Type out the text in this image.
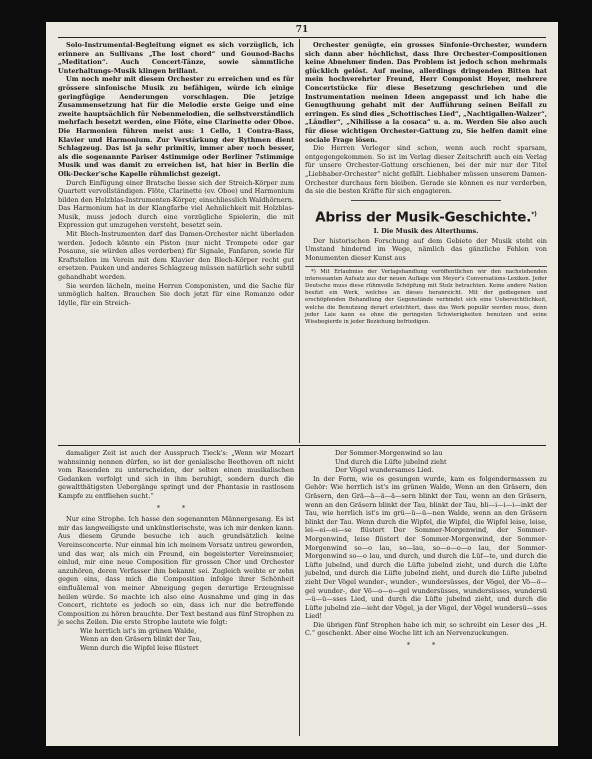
71

Solo-Instrumental-Begleitung eignet es sich vorzüglich, ich erinnere an Sullivans „The lost chord“ und Gounod-Bachs „Meditation“. Auch Concert-Tänze, sowie sämmtliche Unterhaltungs-Musik klingen brillant.

Um noch mehr mit diesem Orchester zu erreichen und es für grössere sinfonische Musik zu befähigen, würde ich einige geringfügige Aenderungen vorschlagen. Die jetzige Zusammensetzung hat für die Melodie erste Geige und eine zweite hauptsächlich für Nebenmelodien, die selbstverständlich mehrfach besetzt werden, eine Flöte, eine Clarinette oder Oboe. Die Harmonien führen meist aus: 1 Cello, 1 Contra-Bass, Klavier und Harmonium. Zur Verstärkung der Rythmen dient Schlagzeug. Das ist ja sehr primitiv, immer aber noch besser, als die sogenannte Pariser 4stimmige oder Berliner 7stimmige Musik und was damit zu erreichen ist, hat hier in Berlin die Olk-Decker'sche Kapelle rühmlichst gezeigt.

Durch Einfügung einer Bratsche liesse sich der Streich-Körper zum Quartett vervollständigen. Flöte, Clarinette (ev. Oboe) und Harmonium bilden den Holzblas-Instrumenten-Körper, einschliesslich Waldhörnern. Das Harmonium hat in der Klangfarbe viel Aehnlichkeit mit Holzblas-Musik, muss jedoch durch eine vorzügliche Spielerin, die mit Expression gut umzugehen versteht, besetzt sein.

Mit Blech-Instrumenten darf das Damen-Orchester nicht überladen werden. Jedoch könnte ein Piston (nur nicht Trompete oder gar Posaune, sie würden alles verderben) für Signale, Fanfaren, sowie für Kraftstellen im Verein mit dem Klavier den Blech-Körper recht gut ersetzen. Pauken und anderes Schlagzeug müssen natürlich sehr subtil gehandhabt werden.

Sie werden lächeln, meine Herren Componisten, und die Sache für unmöglich halten. Brauchen Sie doch jetzt für eine Romanze oder Idylle, für ein Streich-

Orchester genügte, ein grosses Sinfonie-Orchester, wundern sich dann aber höchlichst, dass Ihre Orchester-Compositionen keine Abnehmer finden. Das Problem ist jedoch schon mehrmals glücklich gelöst. Auf meine, allerdings dringenden Bitten hat mein hochverehrter Freund, Herr Componist Hoyer, mehrere Concertstücke für diese Besetzung geschrieben und die Instrumentation meinen Ideen angepasst und ich habe die Genugthuung gehabt mit der Aufführung seinen Beifall zu erringen. Es sind dies „Schottisches Lied“, „Nachtigallen-Walzer“, „Ländler“, „Nihilisse a la cosaca“ u. a. m. Werden Sie also auch für diese wichtigen Orchester-Gattung zu, Sie helfen damit eine sociale Frage lösen.

Die Herren Verleger sind schon, wenn auch recht sparsam, entgegengekommen. So ist im Verlag dieser Zeitschrift auch ein Verlag für unsere Orchester-Gattung erschienen, bei der mir nur der Titel „Liebhaber-Orchester“ nicht gefällt. Liebhaber müssen unserem Damen-Orchester durchaus fern bleiben. Gerade sie können es nur verderben, da sie die besten Kräfte für sich engagieren.

Abriss der Musik-Geschichte.*)
I. Die Musik des Alterthums.

Der historischen Forschung auf dem Gebiete der Musik steht ein Umstand hindernd im Wege, nämlich das gänzliche Fehlen von Monumenten dieser Kunst aus

*) Mit Erlaubniss der Verlagshandlung veröffentlichen wir den nachstehenden interessanten Aufsatz aus der neuen Auflage von Meyer's Conversations-Lexikon. Jeder Deutsche muss diese rühmvolle Schöpfung mit Stolz betrachten. Keine andere Nation besitzt ein Werk, welches an dieses heranreicht. Mit der gediegenen und erschöpfenden Behandlung der Gegenstände verbindet sich eine Uebersichtlichkeit, welche die Benutzung derart erleichtert, dass das Werk populär werden muss, denn jeder Laie kann es ohne die geringsten Schwierigkeiten benutzen und seine Wissbegierde in jeder Beziehung befriedigen.

damaliger Zeit ist auch der Ausspruch Tieck's: „Wenn wir Mozart wahnsinnig nennen dürfen, so ist der genialische Beethoven oft nicht vom Rasenden zu unterscheiden, der selten einen musikalischen Gedanken verfolgt und sich in ihm beruhigt, sondern durch die gewaltthätigsten Uebergänge springt und der Phantasie in rastlosem Kampfe zu entfliehen sucht.“

* *

Nur eine Strophe. Ich hasse den sogenannten Männergesang. Es ist mir das langweiligste und unkünstlerischste, was ich mir denken kann. Aus diesem Grunde besuche ich auch grundsätzlich keine Vereinsconcerte. Nur einmal bin ich meinem Vorsatz untreu geworden, und das war, als mich ein Freund, ein begeisterter Vereinsmeier, einlud, mir eine neue Composition für grossen Chor und Orchester anzuhören, deren Verfasser ihm bekannt sei. Zugleich weihte er zehn gegen eins, dass mich die Composition infolge ihrer Schönheit einfluãlemal von meiner Abneigung gegen derartige Erzeugnisse heilen würde. So machte ich also eine Ausnahme und ging in das Concert, richtete es jedoch so ein, dass ich nur die betreffende Composition zu hören brauchte. Der Text bestand aus fünf Strophen zu je sechs Zeilen. Die erste Strophe lautete wie folgt:

Wie herrlich ist's im grünen Walde,

Wenn an den Gräsern blinkt der Tau,

Wenn durch die Wipfel leise flüstert

Der Sommer-Morgenwind so lau

Und durch die Lüfte jubelnd zieht

Der Vögel wundersames Lied.

In der Form, wie es gesungen wurde, kam es folgendermassen zu Gehör: Wie herrlich ist's im grünen Walde, Wenn an den Gräsern, den Gräsern, den Grä—ä—ä—ä—sern blinkt der Tau, wenn an den Gräsern, wenn an den Gräsern blinkt der Tau, blinkt der Tau, bli—i—i—i—inkt der Tau, wie herrlich ist's im grü—ü—ü—nen Walde, wenn an den Gräsern blinkt der Tau. Wenn durch die Wipfel, die Wipfel, die Wipfel leise, leise, lei—ei—ei—se flüstert Der Sommer-Morgenwind, der Sommer-Morgenwind, leise flüstert der Sommer-Morgenwind, der Sommer-Morgenwind so—o lau, so—lau, so—o—o—o lau, der Sommer-Morgenwind so—o lau, und durch, und durch die Lüf—te, und durch die Lüfte jubelnd, und durch die Lüfte jubelnd zieht, und durch die Lüfte jubelnd, und durch die Lüfte jubelnd zieht, und durch die Lüfte jubelnd zieht Der Vögel wunder-, wunder-, wundersüsses, der Vögel, der Vö—ö—gel wunder-, der Vö—o—o—gel wundersüsses, wundersüsses, wundersü—ü—ü—sses Lied, und durch die Lüfte jubelnd zieht, und durch die Lüfte jubelnd zie—ieht der Vögel, ja der Vögel, der Vögel wundersü—sses Lied!

Die übrigen fünf Strophen habe ich mir, so schreibt ein Leser des „H. C.“ geschenkt. Aber eine Woche litt ich an Nervenzuckungen.

* *
